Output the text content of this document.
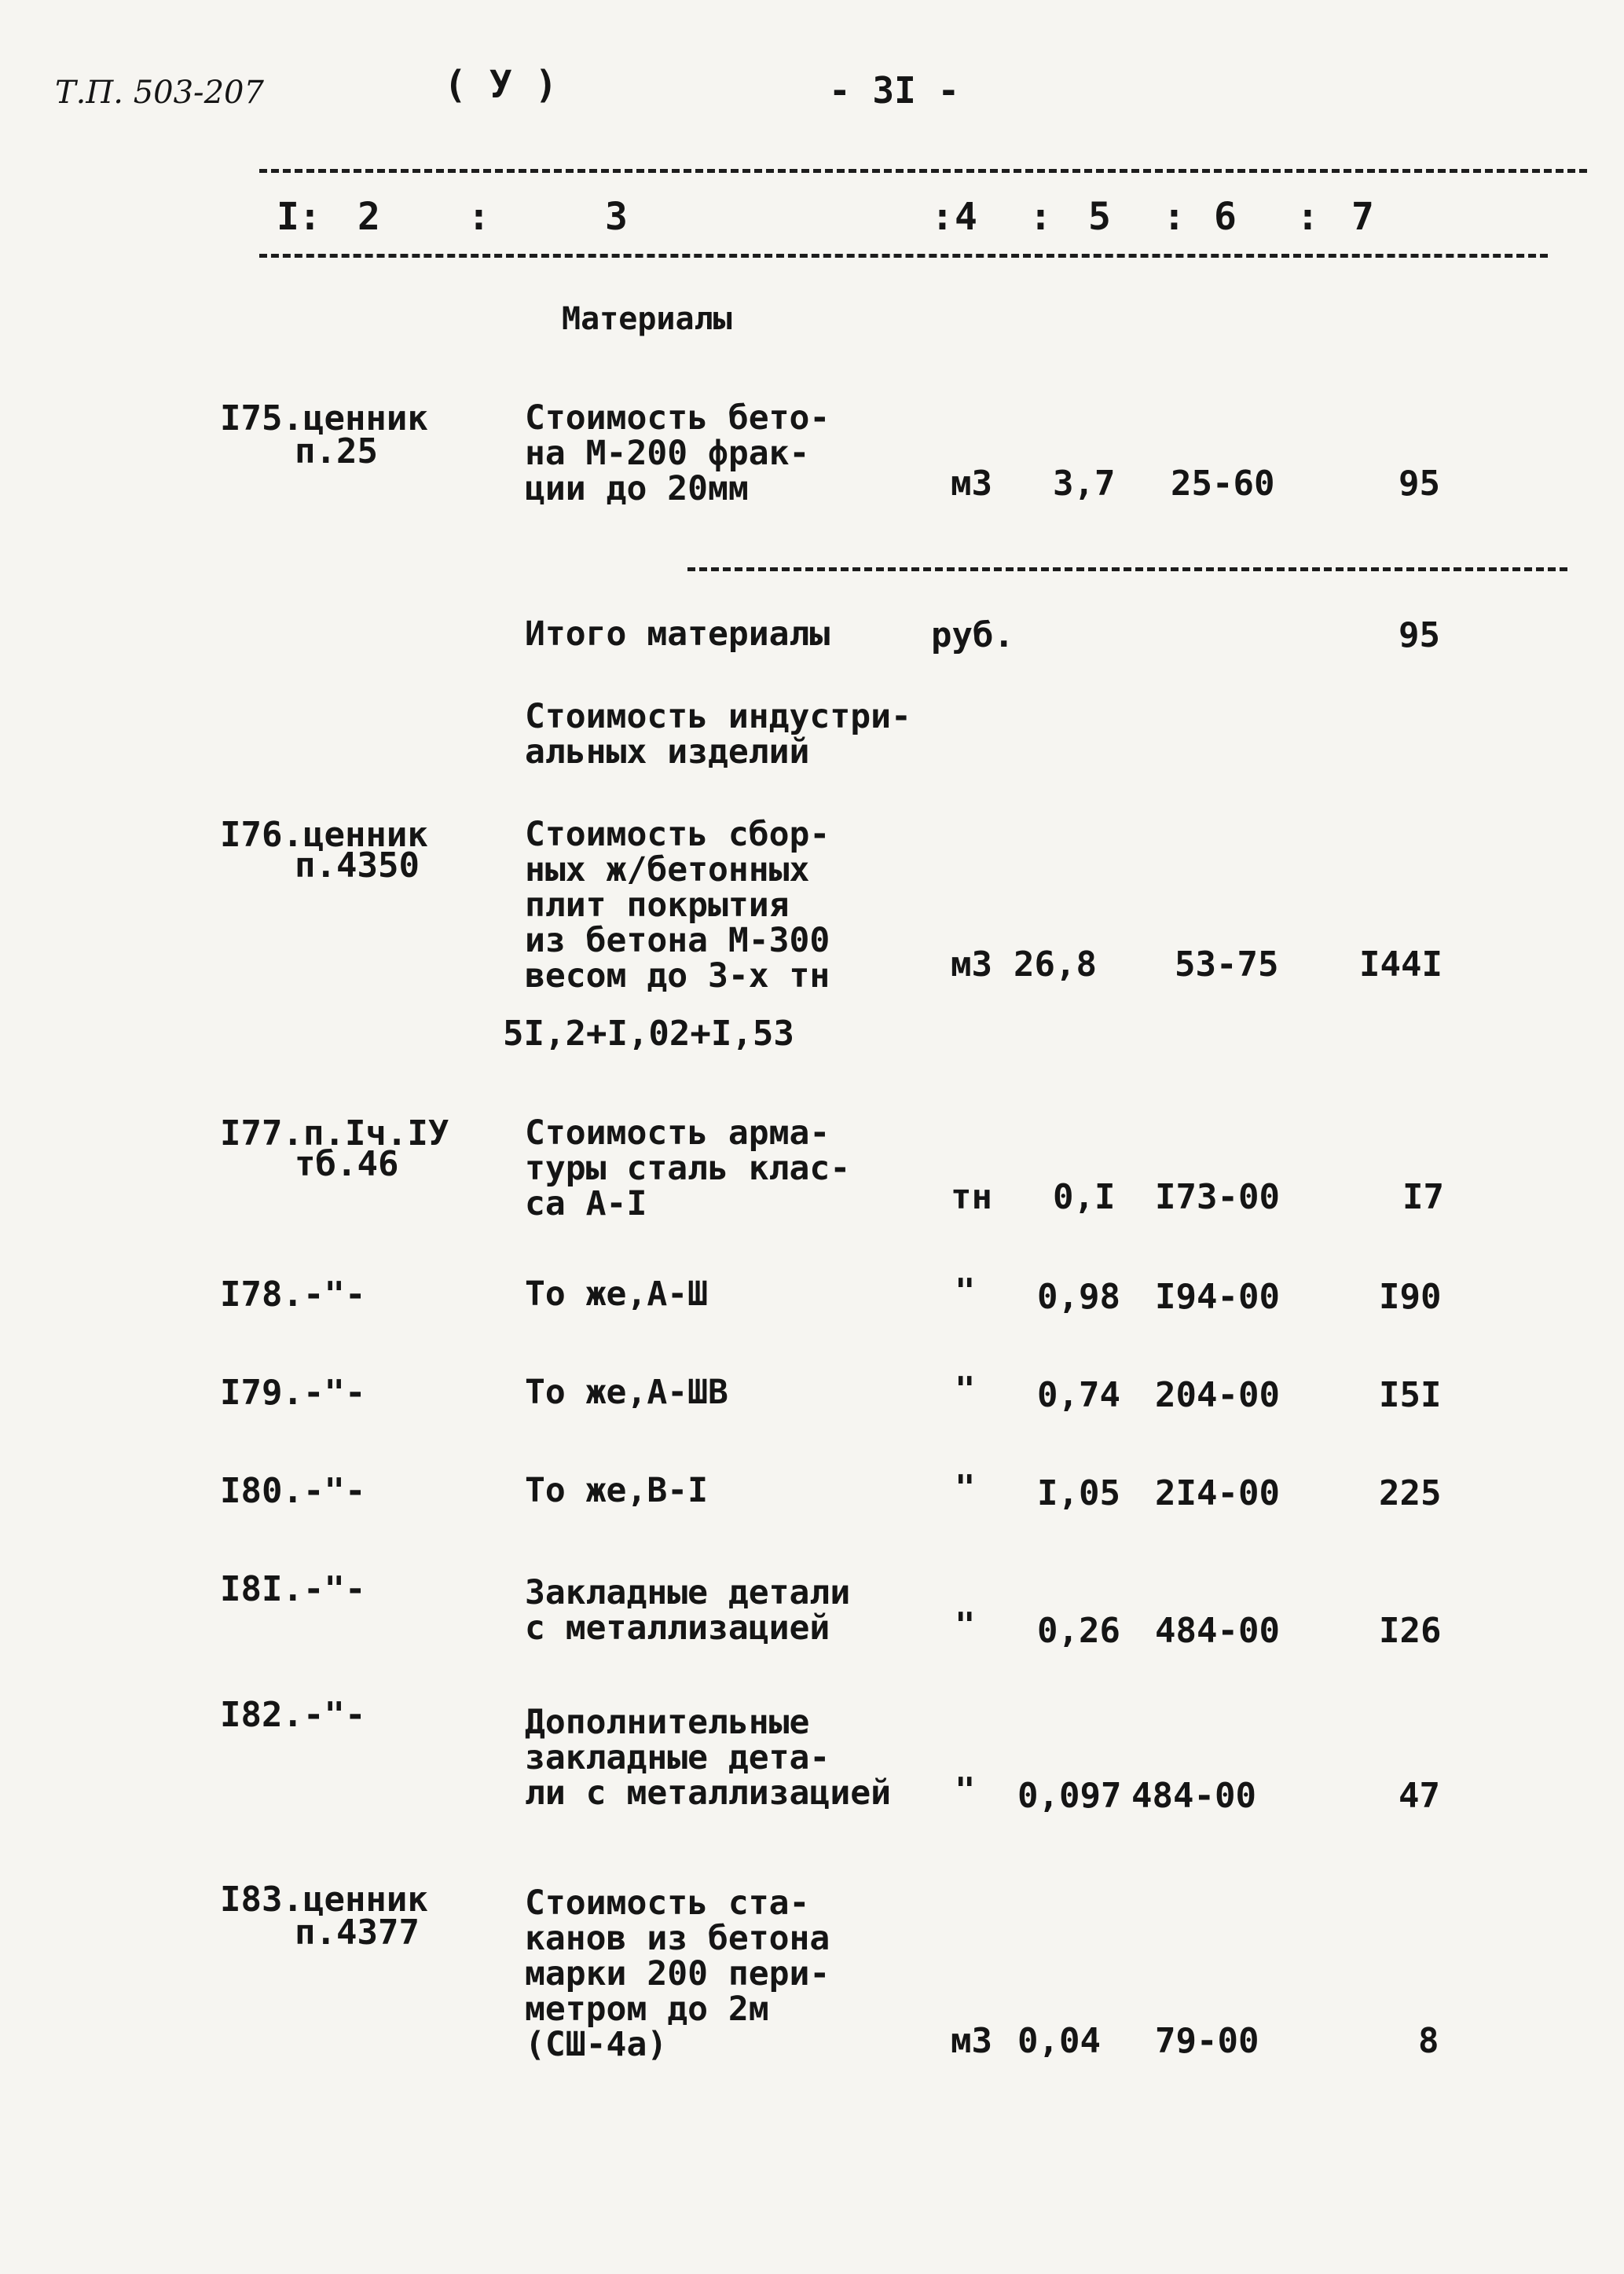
Т.П. 503-207	( У )	- 3I -
I : 2 :	3	: 4 : 5 : 6 : 7
Материалы
I75.ценник
п.25
Стоимость бето-
на М-200 фрак-
ции до 20мм	м3 3,7 25-60	95
Итого материалы	руб.	95
Стоимость индустри-
альных изделий
I76.ценник
п.4350
Стоимость сбор-
ных ж/бетонных
плит покрытия
из бетона М-300
весом до 3-х тн	м3 26,8 53-75 I44I
5I,2+I,02+I,53
I77.п.Iч.IУ
тб.46
Стоимость арма-
туры сталь клас-
са А-I	тн 0,I I73-00	I7
I78.-"-	То же,А-Ш	" 0,98 I94-00	I90
I79.-"-	То же,А-ШВ	" 0,74 204-00	I5I
I80.-"-	То же,В-I	" I,05 2I4-00	225
I8I.-"-	Закладные детали
с металлизацией	" 0,26 484-00	I26
I82.-"-	Дополнительные
закладные дета-
ли с металлизацией " 0,097 484-00	47
I83.ценник
п.4377
Стоимость ста-
канов из бетона
марки 200 пери-
метром до 2м
(СШ-4а)	м3 0,04 79-00	8
